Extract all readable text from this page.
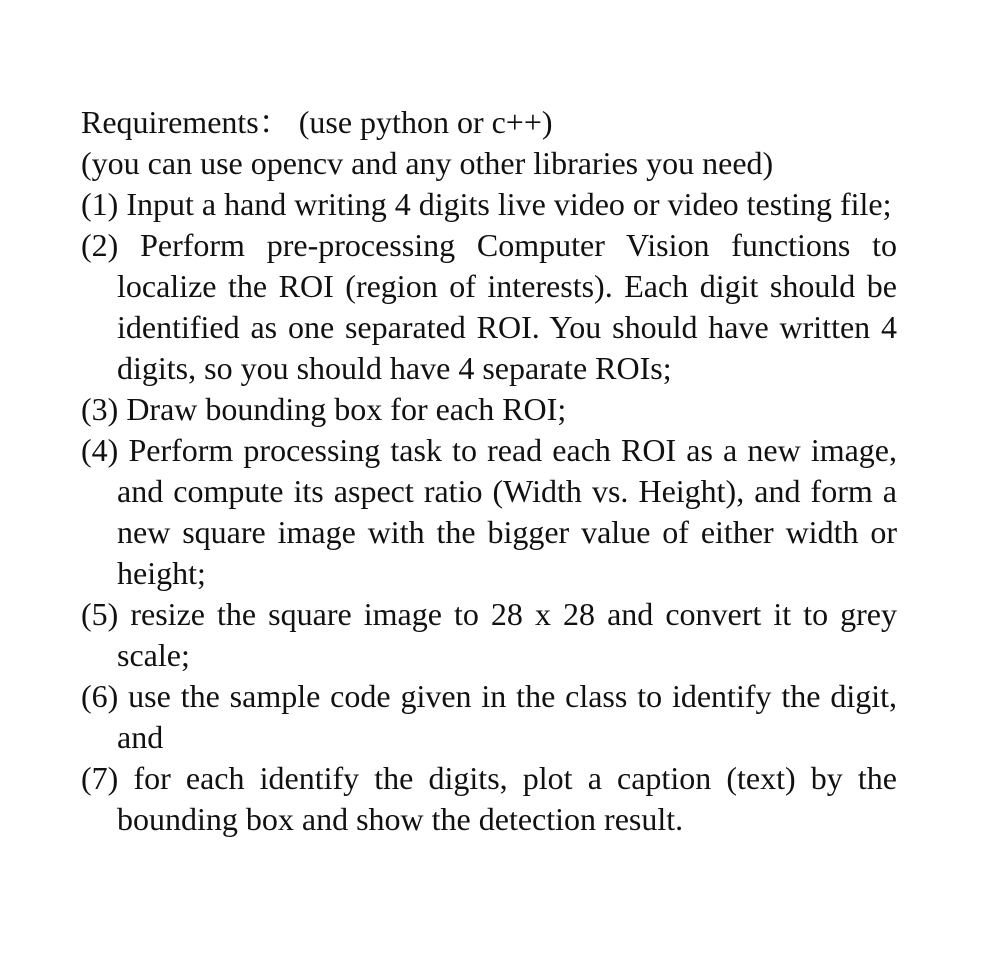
Requirements： (use python or c++)
(you can use opencv and any other libraries you need)
(1) Input a hand writing 4 digits live video or video testing file;
(2) Perform pre-processing Computer Vision functions to localize the ROI (region of interests). Each digit should be identified as one separated ROI. You should have written 4 digits, so you should have 4 separate ROIs;
(3) Draw bounding box for each ROI;
(4) Perform processing task to read each ROI as a new image, and compute its aspect ratio (Width vs. Height), and form a new square image with the bigger value of either width or height;
(5) resize the square image to 28 x 28 and convert it to grey scale;
(6) use the sample code given in the class to identify the digit, and
(7) for each identify the digits, plot a caption (text) by the bounding box and show the detection result.
